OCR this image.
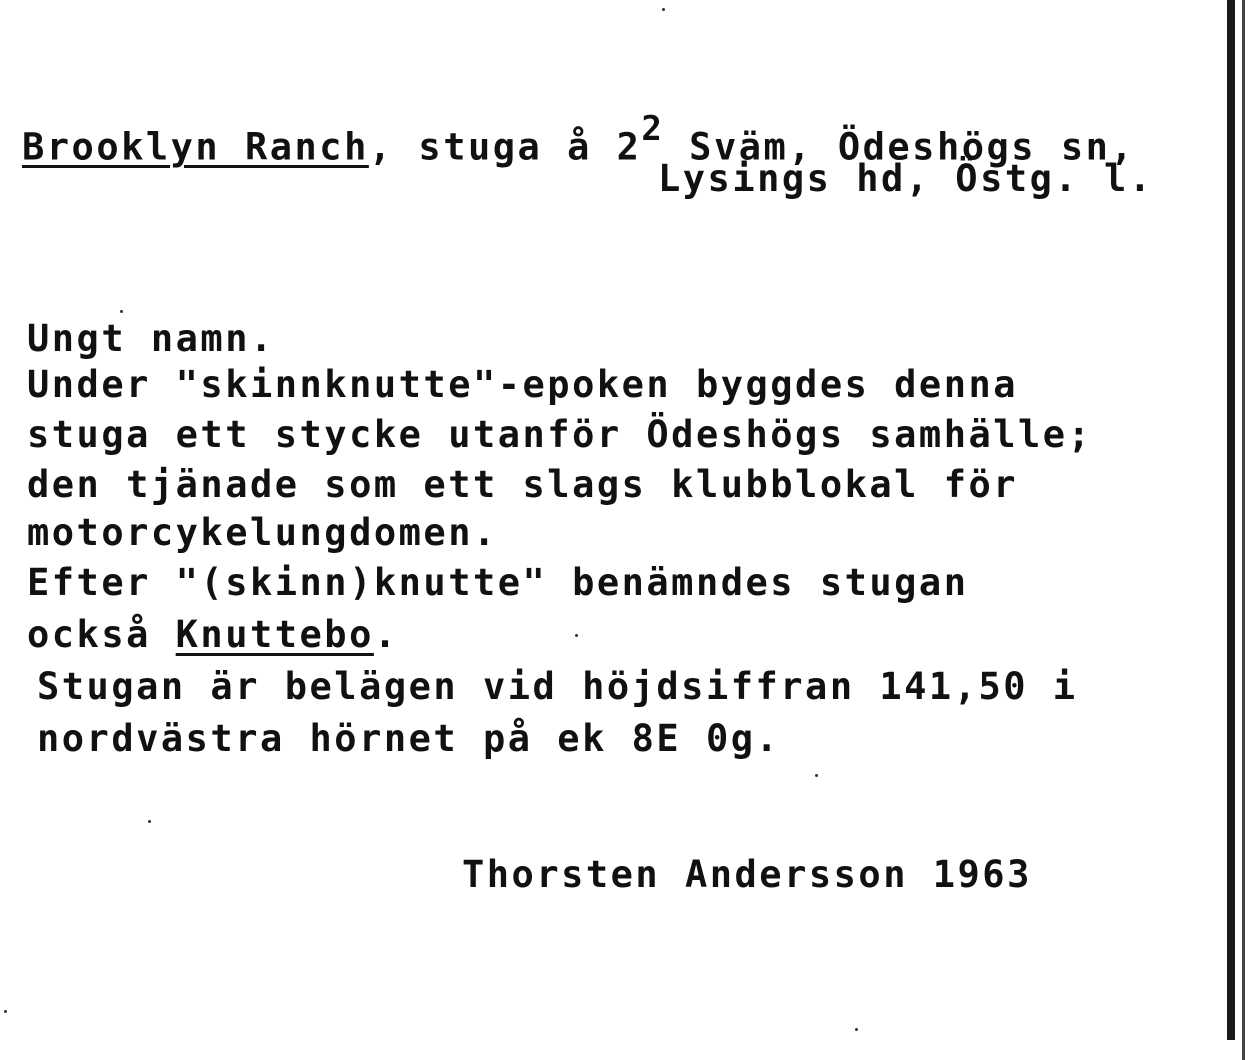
Brooklyn Ranch, stuga å $2^2$ Sväm, Ödeshögs sn,
Lysings hd, Östg. l.
Ungt namn.
Under "skinnknutte"-epoken byggdes denna
stuga ett stycke utanför Ödeshögs samhälle;
den tjänade som ett slags klubblokal för
motorcykelungdomen.
Efter "(skinn)knutte" benämndes stugan
också Knuttebo.
Stugan är belägen vid höjdsiffran 141,50 i
nordvästra hörnet på ek 8E 0g.
Thorsten Andersson 1963
